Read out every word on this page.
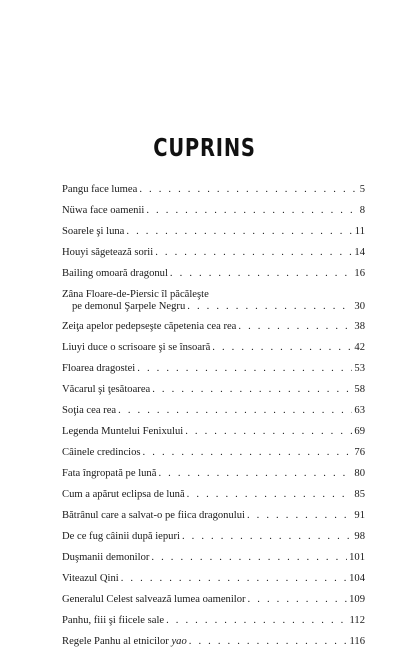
CUPRINS
Pangu face lumea . . .	5
Nüwa face oamenii . . .	8
Soarele şi luna . . .	11
Houyi săgetează sorii . . .	14
Bailing omoară dragonul . . .	16
Zâna Floare-de-Piersic îl păcăleşte
pe demonul Şarpele Negru . . .	30
Zeiţa apelor pedepseşte căpetenia cea rea . . .	38
Liuyi duce o scrisoare şi se însoară . . .	42
Floarea dragostei . . .	53
Văcarul şi ţesătoarea . . .	58
Soţia cea rea . . .	63
Legenda Muntelui Fenixului . . .	69
Câinele credincios . . .	76
Fata îngropată pe lună . . .	80
Cum a apărut eclipsa de lună . . .	85
Bătrânul care a salvat-o pe fiica dragonului . . .	91
De ce fug câinii după iepuri . . .	98
Duşmanii demonilor . . .	101
Viteazul Qini . . .	104
Generalul Celest salvează lumea oamenilor . . .	109
Panhu, fiii şi fiicele sale . . .	112
Regele Panhu al etnicilor yao . . .	116
